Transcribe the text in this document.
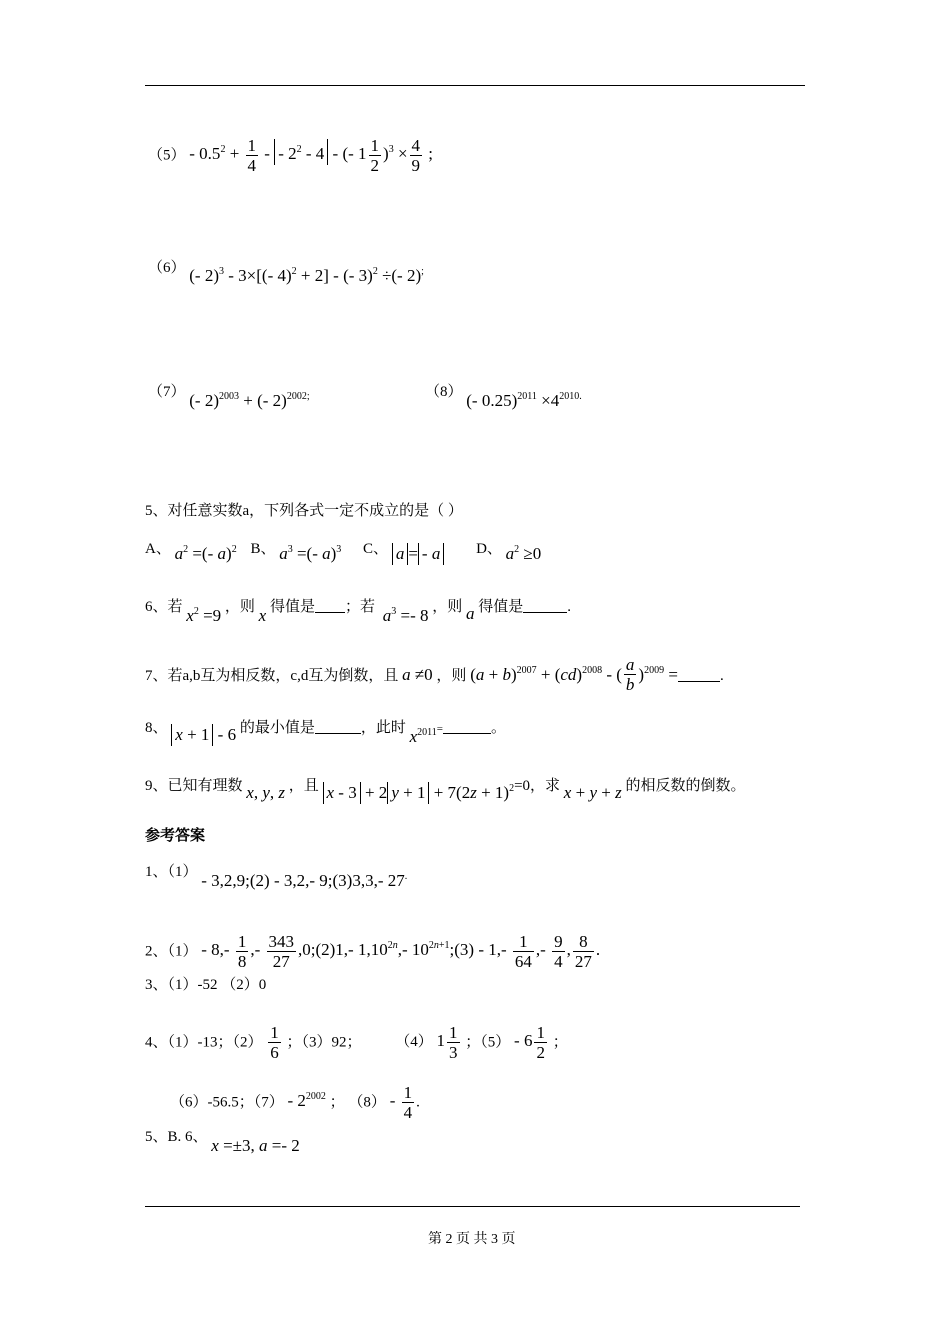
$(5) - 0.5^2 + \frac{1}{4}$ - - $2^2 - 4$ - (- $1 \frac{1}{2} )^3 \times \frac{4}{9}$ ;
（6） (- 2)$^3$ - 3×[(- 4)$^2$ + 2] - (- 3)$^2$ ÷(- 2);
（7） (- 2)$^{2003}$ + (- 2)$^{2002;}$	（8） (- $0.25)^{2011} \times 4^{2010.}$
5、对任意实数a，下列各式一定不成立的是（ ）
A、 $a^2$ =(- a)$^2$ B、 $a^3$ =(- a)$^3$ C、 a = - a D、 $a^2 \ge 0$
6、若 $x^2 =9$ ，则 x 得值是 ；若 $a^3 =- 8$ ，则 a 得值是	.
7、若a,b互为相反数，c,d互为倒数，且 a ≠0 ，则 $(a + b)^{2007} + (cd)^{2008}$ - ( $\frac{a}{b} )^{2009}$ =	.
8、 x + 1 - 6 的最小值是	，此时 $x^{2011}=$	。
9、已知有理数 x, y, z ，且 x - 3 + 2 $y + 1 + 7(2z + 1)^2=0$，求 x + y + z 的相反数的倒数。
参考答案
1、（1） - 3,2,9;(2) - 3,2,- 9;(3)3,3,- 27.
2、$(1) - 8,- \frac{1}{8}$ ,- $\frac{343}{27}$ ,0;(2)1,- $1,10^{2n},-$ $10^{2n+1};(3) - 1,- \frac{1}{64}$ ,- $\frac{9}{4}$ , $\frac{8}{27}$ .
3、（1）-52 （2）0
4、（1）-13；$(2) \frac{1}{6}$ ；（3）92； （4） $1 \frac{1}{3}$ ；$(5) - 6 \frac{1}{2}$ ；
（6）-56.5；$(7) - 2^{2002}$ ； $(8) - \frac{1}{4}$ .
5、B. 6、 x =±3, a =- 2
第 2 页 共 3 页
